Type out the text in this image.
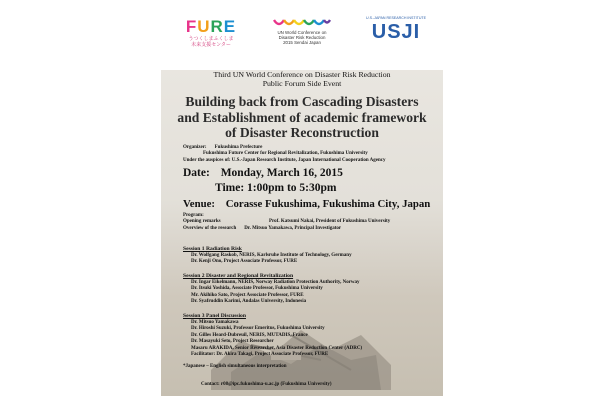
FURE
うつくしまふくしま
未来支援センター
UN World Conference on
Disaster Risk Reduction
2015 Sendai Japan
U.S.-JAPAN RESEARCH INSTITUTE
USJI
Third UN World Conference on Disaster Risk Reduction
Public Forum Side Event
Building back from Cascading Disasters
and Establishment of academic framework
of Disaster Reconstruction
Organizer: Fukushima Prefecture
Fukushima Future Center for Regional Revitalization, Fukushima University
Under the auspices of: U.S.-Japan Research Institute, Japan International Cooperation Agency
Date: Monday, March 16, 2015
Time: 1:00pm to 5:30pm
Venue: Corasse Fukushima, Fukushima City, Japan
Program:
Opening remarks	Prof. Katsumi Nakai, President of Fukushima University
Overview of the research Dr. Mitsuo Yamakawa, Principal Investigator
Session 1 Radiation Risk
Dr. Wolfgang Raskob, NERIS, Karlsruhe Institute of Technology, Germany
Dr. Kenji Ono, Project Associate Professor, FURE
Session 2 Disaster and Regional Revitalization
Dr. Ingar Eikelmann, NERIS, Norway Radiation Protection Authority, Norway
Dr. Itsuki Yoshida, Associate Professor, Fukushima University
Mr. Akihiko Sato, Project Associate Professor, FURE
Dr. Syafruddin Karimi, Andalas University, Indonesia
Session 3 Panel Discussion
Dr. Mitsuo Yamakawa
Dr. Hiroshi Suzuki, Professor Emeritus, Fukushima University
Dr. Gilles Heard-Dubreuil, NERIS, MUTADIS, France
Dr. Masayuki Seto, Project Researcher
Masaru ARAKIDA, Senior Researcher, Asia Disaster Reduction Center (ADRC)
Facilitator: Dr. Akira Takagi, Project Associate Professor, FURE
*Japanese – English simultaneous interpretation
Contact: r08@ipc.fukushima-u.ac.jp (Fukushima University)
